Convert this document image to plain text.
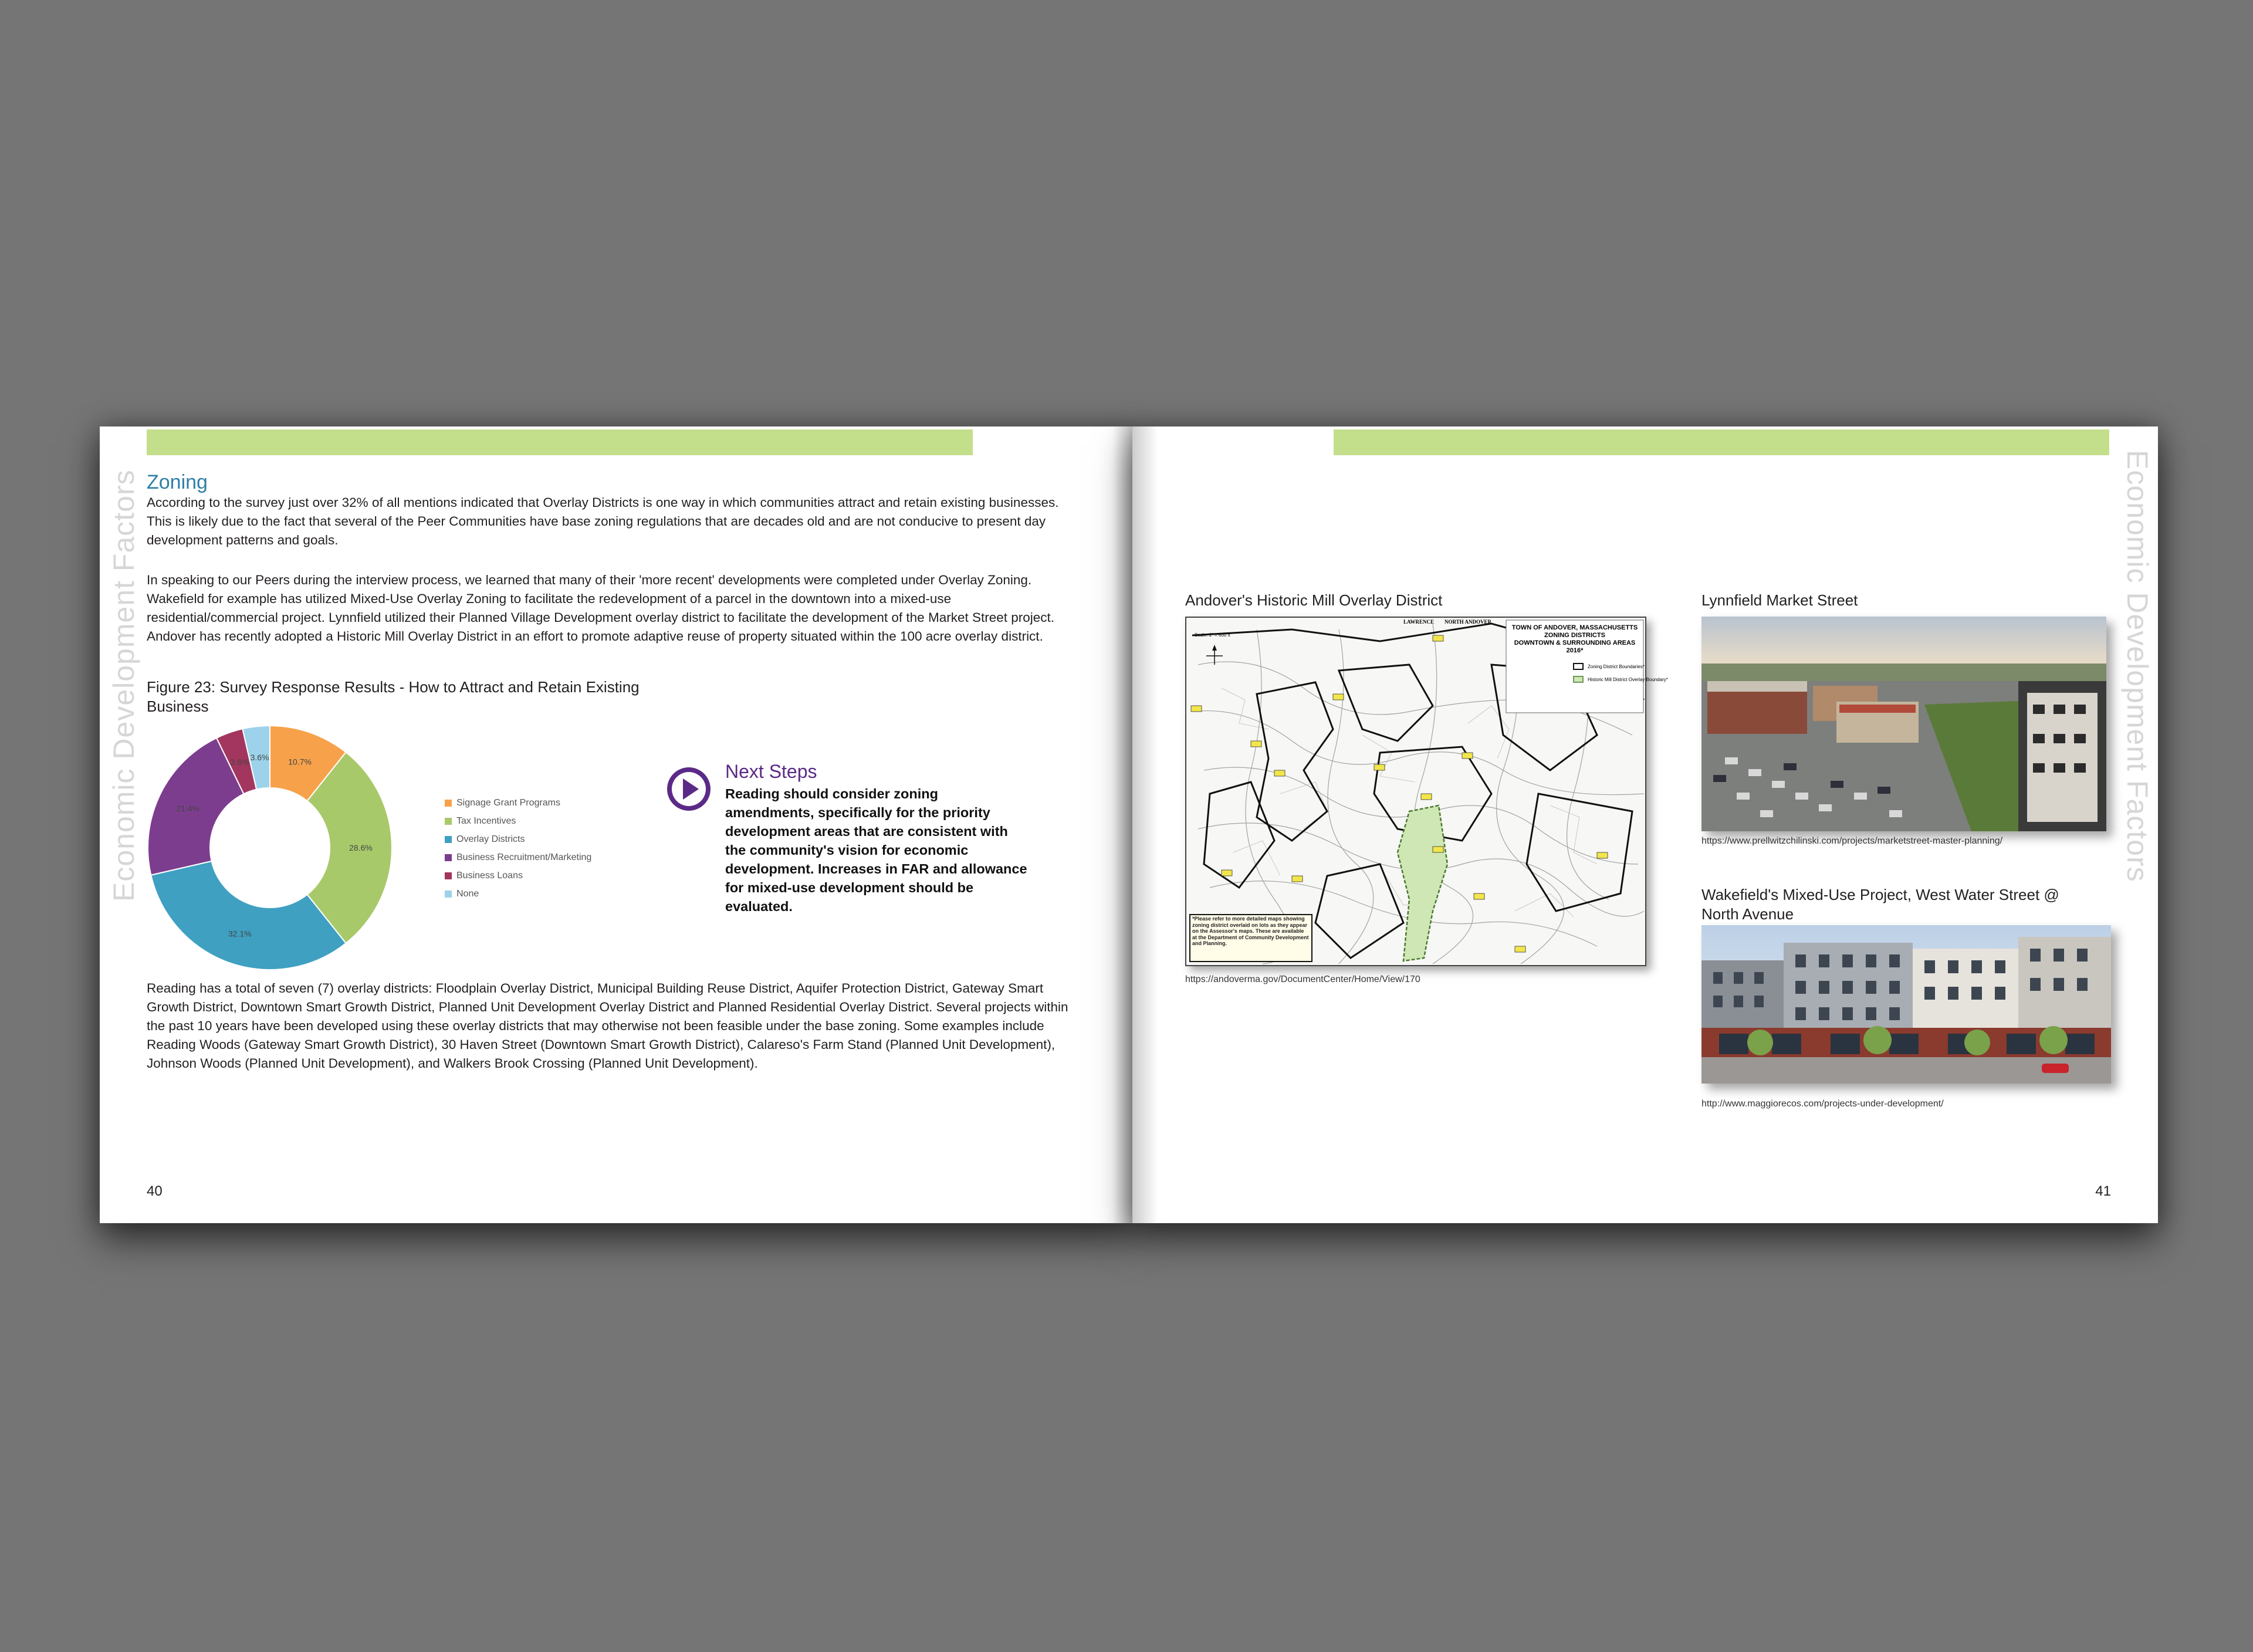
Economic Development Factors Zoning

According to the survey just over 32% of all mentions indicated that Overlay Districts is one way in which communities attract and retain existing businesses. This is likely due to the fact that several of the Peer Communities have base zoning regulations that are decades old and are not conducive to present day development patterns and goals.

In speaking to our Peers during the interview process, we learned that many of their 'more recent' developments were completed under Overlay Zoning. Wakefield for example has utilized Mixed-Use Overlay Zoning to facilitate the redevelopment of a parcel in the downtown into a mixed-use residential/commercial project. Lynnfield utilized their Planned Village Development overlay district to facilitate the development of the Market Street project. Andover has recently adopted a Historic Mill Overlay District in an effort to promote adaptive reuse of property situated within the 100 acre overlay district.

Figure 23: Survey Response Results - How to Attract and Retain Existing Business

10.7%
28.6%
32.1%
21.4%
3.6% 3.6%
Signage Grant Programs
Tax Incentives
Overlay Districts
Business Recruitment/Marketing
Business Loans
None
Next Steps

Reading should consider zoning amendments, specifically for the priority development areas that are consistent with the community's vision for economic development. Increases in FAR and allowance for mixed-use development should be evaluated.

Reading has a total of seven (7) overlay districts: Floodplain Overlay District, Municipal Building Reuse District, Aquifer Protection District, Gateway Smart Growth District, Downtown Smart Growth District, Planned Unit Development Overlay District and Planned Residential Overlay District. Several projects within the past 10 years have been developed using these overlay districts that may otherwise not been feasible under the base zoning. Some examples include Reading Woods (Gateway Smart Growth District), 30 Haven Street (Downtown Smart Growth District), Calareso's Farm Stand (Planned Unit Development), Johnson Woods (Planned Unit Development), and Walkers Brook Crossing (Planned Unit Development).

40
Economic Development Factors

Andover's Historic Mill Overlay District

TOWN OF ANDOVER, MASSACHUSETTS
ZONING DISTRICTS
DOWNTOWN & SURROUNDING AREAS
2016*
Zoning District Boundaries*
Historic Mill District Overlay Boundary*
LAWRENCE NORTH ANDOVER
Scale: 1" = 600 ft
*Please refer to more detailed maps showing zoning district overlaid on lots as they appear on the Assessor's maps. These are available at the Department of Community Development and Planning.

https://andoverma.gov/DocumentCenter/Home/View/170

Lynnfield Market Street

https://www.prellwitzchilinski.com/projects/marketstreet-master-planning/

Wakefield's Mixed-Use Project, West Water Street @ North Avenue

http://www.maggiorecos.com/projects-under-development/

41
